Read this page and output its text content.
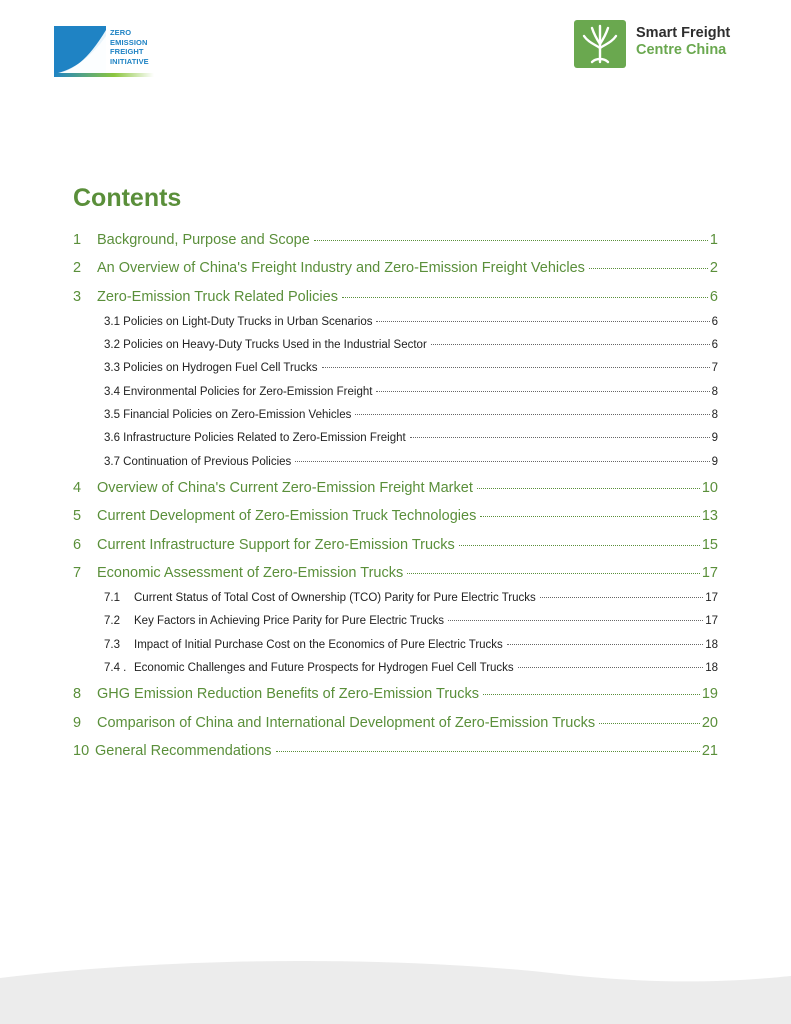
ZERO
EMISSION
FREIGHT
INITIATIVE
Smart Freight
Centre China
Contents
1	Background, Purpose and Scope	1
2	An Overview of China's Freight Industry and Zero-Emission Freight Vehicles	2
3	Zero-Emission Truck Related Policies	6
3.1 Policies on Light-Duty Trucks in Urban Scenarios	6
3.2 Policies on Heavy-Duty Trucks Used in the Industrial Sector	6
3.3 Policies on Hydrogen Fuel Cell Trucks	7
3.4 Environmental Policies for Zero-Emission Freight	8
3.5 Financial Policies on Zero-Emission Vehicles	8
3.6 Infrastructure Policies Related to Zero-Emission Freight	9
3.7 Continuation of Previous Policies	9
4	Overview of China's Current Zero-Emission Freight Market	10
5	Current Development of Zero-Emission Truck Technologies	13
6	Current Infrastructure Support for Zero-Emission Trucks	15
7	Economic Assessment of Zero-Emission Trucks	17
7.1	Current Status of Total Cost of Ownership (TCO) Parity for Pure Electric Trucks	17
7.2	Key Factors in Achieving Price Parity for Pure Electric Trucks	17
7.3	Impact of Initial Purchase Cost on the Economics of Pure Electric Trucks	18
7.4 . Economic Challenges and Future Prospects for Hydrogen Fuel Cell Trucks	18
8	GHG Emission Reduction Benefits of Zero-Emission Trucks	19
9	Comparison of China and International Development of Zero-Emission Trucks	20
10 General Recommendations	21
